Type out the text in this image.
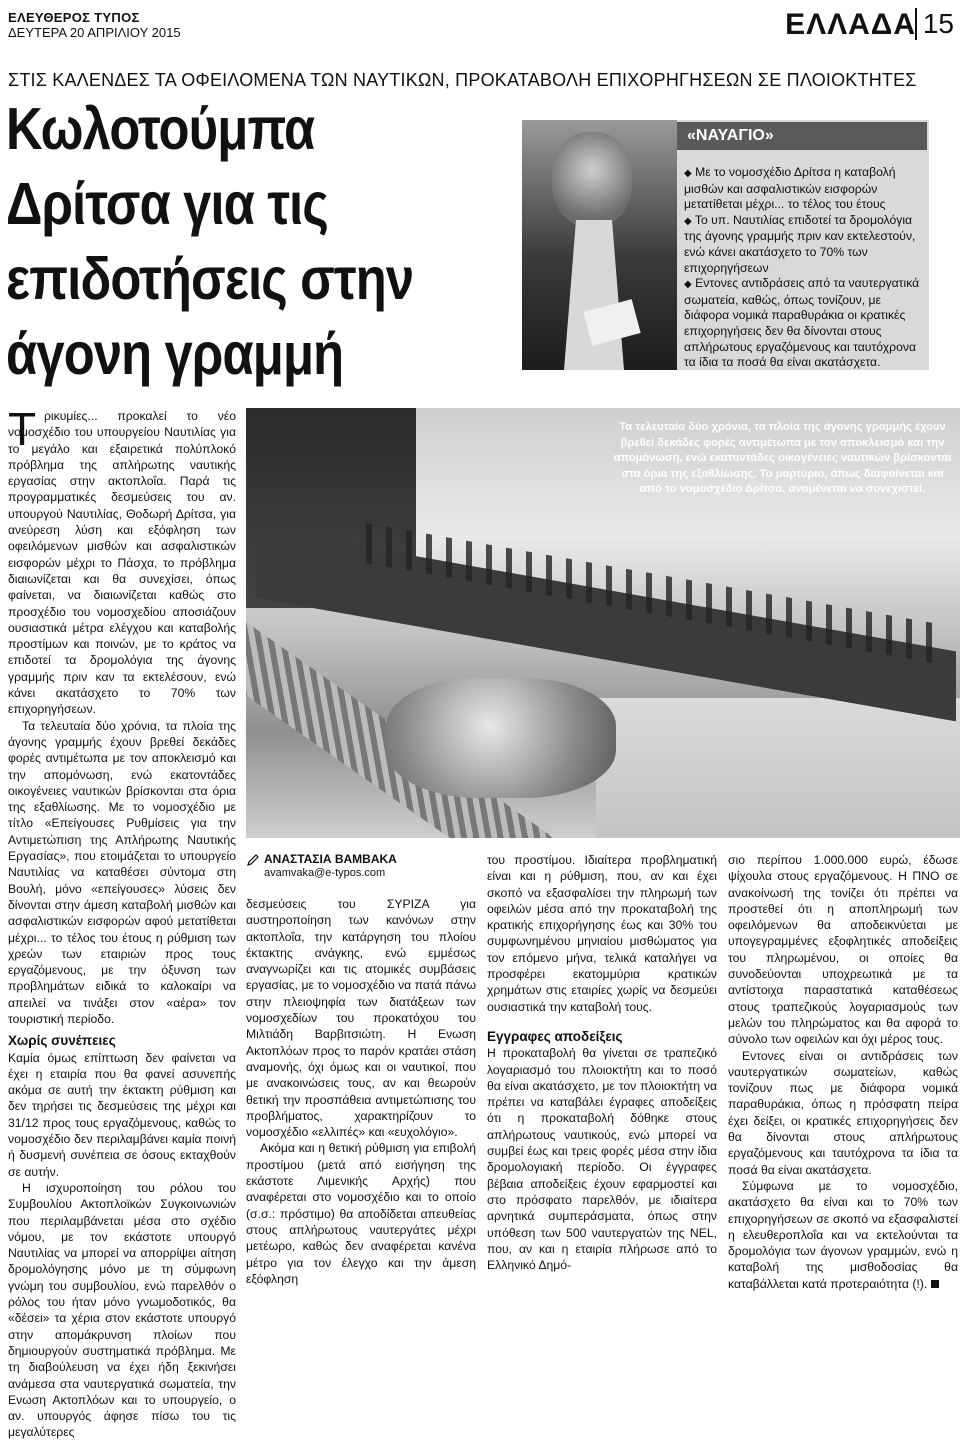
ΕΛΕΥΘΕΡΟΣ ΤΥΠΟΣ
ΔΕΥΤΕΡΑ 20 ΑΠΡΙΛΙΟΥ 2015	ΕΛΛΑΔΑ 15
ΣΤΙΣ ΚΑΛΕΝΔΕΣ ΤΑ ΟΦΕΙΛΟΜΕΝΑ ΤΩΝ ΝΑΥΤΙΚΩΝ, ΠΡΟΚΑΤΑΒΟΛΗ ΕΠΙΧΟΡΗΓΗΣΕΩΝ ΣΕ ΠΛΟΙΟΚΤΗΤΕΣ
Κωλοτούμπα Δρίτσα για τις επιδοτήσεις στην άγονη γραμμή
«ΝΑΥΑΓΙΟ»

◆ Με το νομοσχέδιο Δρίτσα η καταβολή μισθών και ασφαλιστικών εισφορών μετατίθεται μέχρι... το τέλος του έτους

◆ Το υπ. Ναυτιλίας επιδοτεί τα δρομολόγια της άγονης γραμμής πριν καν εκτελεστούν, ενώ κάνει ακατάσχετο το 70% των επιχορηγήσεων

◆ Εντονες αντιδράσεις από τα ναυτεργατικά σωματεία, καθώς, όπως τονίζουν, με διάφορα νομικά παραθυράκια οι κρατικές επιχορηγήσεις δεν θα δίνονται στους απλήρωτους εργαζόμενους και ταυτόχρονα τα ίδια τα ποσά θα είναι ακατάσχετα.

Τα τελευταία δύο χρόνια, τα πλοία της άγονης γραμμής έχουν βρεθεί δεκάδες φορές αντιμέτωπα με τον αποκλεισμό και την απομόνωση, ενώ εκατοντάδες οικογένειες ναυτικών βρίσκονται στα όρια της εξαθλίωσης. Το μαρτύριο, όπως διαφαίνεται και από το νομοσχέδιο Δρίτσα, αναμένεται να συνεχιστεί.
Τ ρικυμίες... προκαλεί το νέο νομοσχέδιο του υπουργείου Ναυτιλίας για το μεγάλο και εξαιρετικά πολύπλοκό πρόβλημα της απλήρωτης ναυτικής εργασίας στην ακτοπλοΐα. Παρά τις προγραμματικές δεσμεύσεις του αν. υπουργού Ναυτιλίας, Θοδωρή Δρίτσα, για ανεύρεση λύση και εξόφληση των οφειλόμενων μισθών και ασφαλιστικών εισφορών μέχρι το Πάσχα, το πρόβλημα διαιωνίζεται και θα συνεχίσει, όπως φαίνεται, να διαιωνίζεται καθώς στο προσχέδιο του νομοσχεδίου αποσιάζουν ουσιαστικά μέτρα ελέγχου και καταβολής προστίμων και ποινών, με το κράτος να επιδοτεί τα δρομολόγια της άγονης γραμμής πριν καν τα εκτελέσουν, ενώ κάνει ακατάσχετο το 70% των επιχορηγήσεων.

Τα τελευταία δύο χρόνια, τα πλοία της άγονης γραμμής έχουν βρεθεί δεκάδες φορές αντιμέτωπα με τον αποκλεισμό και την απομόνωση, ενώ εκατοντάδες οικογένειες ναυτικών βρίσκονται στα όρια της εξαθλίωσης. Με το νομοσχέδιο με τίτλο «Επείγουσες Ρυθμίσεις για την Αντιμετώπιση της Απλήρωτης Ναυτικής Εργασίας», που ετοιμάζεται το υπουργείο Ναυτιλίας να καταθέσει σύντομα στη Βουλή, μόνο «επείγουσες» λύσεις δεν δίνονται στην άμεση καταβολή μισθών και ασφαλιστικών εισφορών αφού μετατίθεται μέχρι... το τέλος του έτους η ρύθμιση των χρεών των εταιριών προς τους εργαζόμενους, με την όξυνση των προβλημάτων ειδικά το καλοκαίρι να απειλεί να τινάξει στον «αέρα» τον τουριστική περίοδο.

Χωρίς συνέπειες

Καμία όμως επίπτωση δεν φαίνεται να έχει η εταιρία που θα φανεί ασυνεπής ακόμα σε αυτή την έκτακτη ρύθμιση και δεν τηρήσει τις δεσμεύσεις της μέχρι και 31/12 προς τους εργαζόμενους, καθώς το νομοσχέδιο δεν περιλαμβάνει καμία ποινή ή δυσμενή συνέπεια σε όσους εκταχθούν σε αυτήν.

Η ισχυροποίηση του ρόλου του Συμβουλίου Ακτοπλοϊκών Συγκοινωνιών που περιλαμβάνεται μέσα στο σχέδιο νόμου, με τον εκάστοτε υπουργό Ναυτιλίας να μπορεί να απορρίψει αίτηση δρομολόγησης μόνο με τη σύμφωνη γνώμη του συμβουλίου, ενώ παρελθόν ο ρόλος του ήταν μόνο γνωμοδοτικός, θα «δέσει» τα χέρια στον εκάστοτε υπουργό στην απομάκρυνση πλοίων που δημιουργούν συστηματικά πρόβλημα. Με τη διαβούλευση να έχει ήδη ξεκινήσει ανάμεσα στα ναυτεργατικά σωματεία, την Ενωση Ακτοπλόων και το υπουργείο, ο αν. υπουργός άφησε πίσω του τις μεγαλύτερες

ΑΝΑΣΤΑΣΙΑ ΒΑΜΒΑΚΑ
avamvaka@e-typos.com

δεσμεύσεις του ΣΥΡΙΖΑ για αυστηροποίηση των κανόνων στην ακτοπλοΐα, την κατάργηση του πλοίου έκτακτης ανάγκης, ενώ εμμέσως αναγνωρίζει και τις ατομικές συμβάσεις εργασίας, με το νομοσχέδιο να πατά πάνω στην πλειοψηφία των διατάξεων των νομοσχεδίων του προκατόχου του Μιλτιάδη Βαρβιτσιώτη. Η Ενωση Ακτοπλόων προς το παρόν κρατάει στάση αναμονής, όχι όμως και οι ναυτικοί, που με ανακοινώσεις τους, αν και θεωρούν θετική την προσπάθεια αντιμετώπισης του προβλήματος, χαρακτηρίζουν το νομοσχέδιο «ελλιπές» και «ευχολόγιο».

Ακόμα και η θετική ρύθμιση για επιβολή προστίμου (μετά από εισήγηση της εκάστοτε Λιμενικής Αρχής) που αναφέρεται στο νομοσχέδιο και το οποίο (σ.σ.: πρόστιμο) θα αποδίδεται απευθείας στους απλήρωτους ναυτεργάτες μέχρι μετέωρο, καθώς δεν αναφέρεται κανένα μέτρο για τον έλεγχο και την άμεση εξόφληση

του προστίμου. Ιδιαίτερα προβληματική είναι και η ρύθμιση, που, αν και έχει σκοπό να εξασφαλίσει την πληρωμή των οφειλών μέσα από την προκαταβολή της κρατικής επιχορήγησης έως και 30% του συμφωνημένου μηνιαίου μισθώματος για τον επόμενο μήνα, τελικά καταλήγει να προσφέρει εκατομμύρια κρατικών χρημάτων στις εταιρίες χωρίς να δεσμεύει ουσιαστικά την καταβολή τους.

Εγγραφες αποδείξεις

Η προκαταβολή θα γίνεται σε τραπεζικό λογαριασμό του πλοιοκτήτη και το ποσό θα είναι ακατάσχετο, με τον πλοιοκτήτη να πρέπει να καταβάλει έγραφες αποδείξεις ότι η προκαταβολή δόθηκε στους απλήρωτους ναυτικούς, ενώ μπορεί να συμβεί έως και τρεις φορές μέσα στην ίδια δρομολογιακή περίοδο. Οι έγγραφες βέβαια αποδείξεις έχουν εφαρμοστεί και στο πρόσφατο παρελθόν, με ιδιαίτερα αρνητικά συμπεράσματα, όπως στην υπόθεση των 500 ναυτεργατών της NEL, που, αν και η εταιρία πλήρωσε από το Ελληνικό Δημό-

σιο περίπου 1.000.000 ευρώ, έδωσε ψίχουλα στους εργαζόμενους. Η ΠΝΟ σε ανακοίνωσή της τονίζει ότι πρέπει να προστεθεί ότι η αποπληρωμή των οφειλόμενων θα αποδεικνύεται με υπογεγραμμένες εξοφλητικές αποδείξεις του πληρωμένου, οι οποίες θα συνοδεύονται υποχρεωτικά με τα αντίστοιχα παραστατικά καταθέσεως στους τραπεζικούς λογαριασμούς των μελών του πληρώματος και θα αφορά το σύνολο των οφειλών και όχι μέρος τους.

Εντονες είναι οι αντιδράσεις των ναυτεργατικών σωματείων, καθώς τονίζουν πως με διάφορα νομικά παραθυράκια, όπως η πρόσφατη πείρα έχει δείξει, οι κρατικές επιχορηγήσεις δεν θα δίνονται στους απλήρωτους εργαζόμενους και ταυτόχρονα τα ίδια τα ποσά θα είναι ακατάσχετα.

Σύμφωνα με το νομοσχέδιο, ακατάσχετο θα είναι και το 70% των επιχορηγήσεων σε σκοπό να εξασφαλιστεί η ελευθεροπλοΐα και να εκτελούνται τα δρομολόγια των άγονων γραμμών, ενώ η καταβολή της μισθοδοσίας θα καταβάλλεται κατά προτεραιότητα (!).
